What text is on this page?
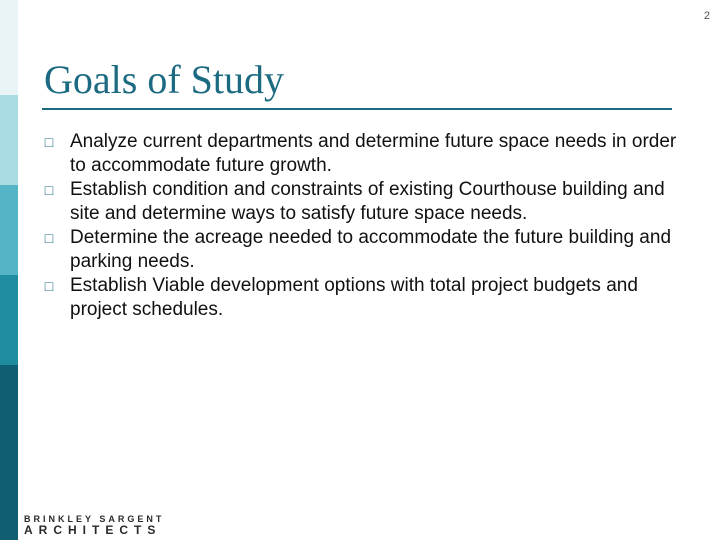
2
Goals of Study
□ Analyze current departments and determine future space needs in order to accommodate future growth.
□ Establish condition and constraints of existing Courthouse building and site and determine ways to satisfy future space needs.
□ Determine the acreage needed to accommodate the future building and parking needs.
□ Establish Viable development options with total project budgets and project schedules.
BRINKLEY SARGENT
ARCHITECTS
